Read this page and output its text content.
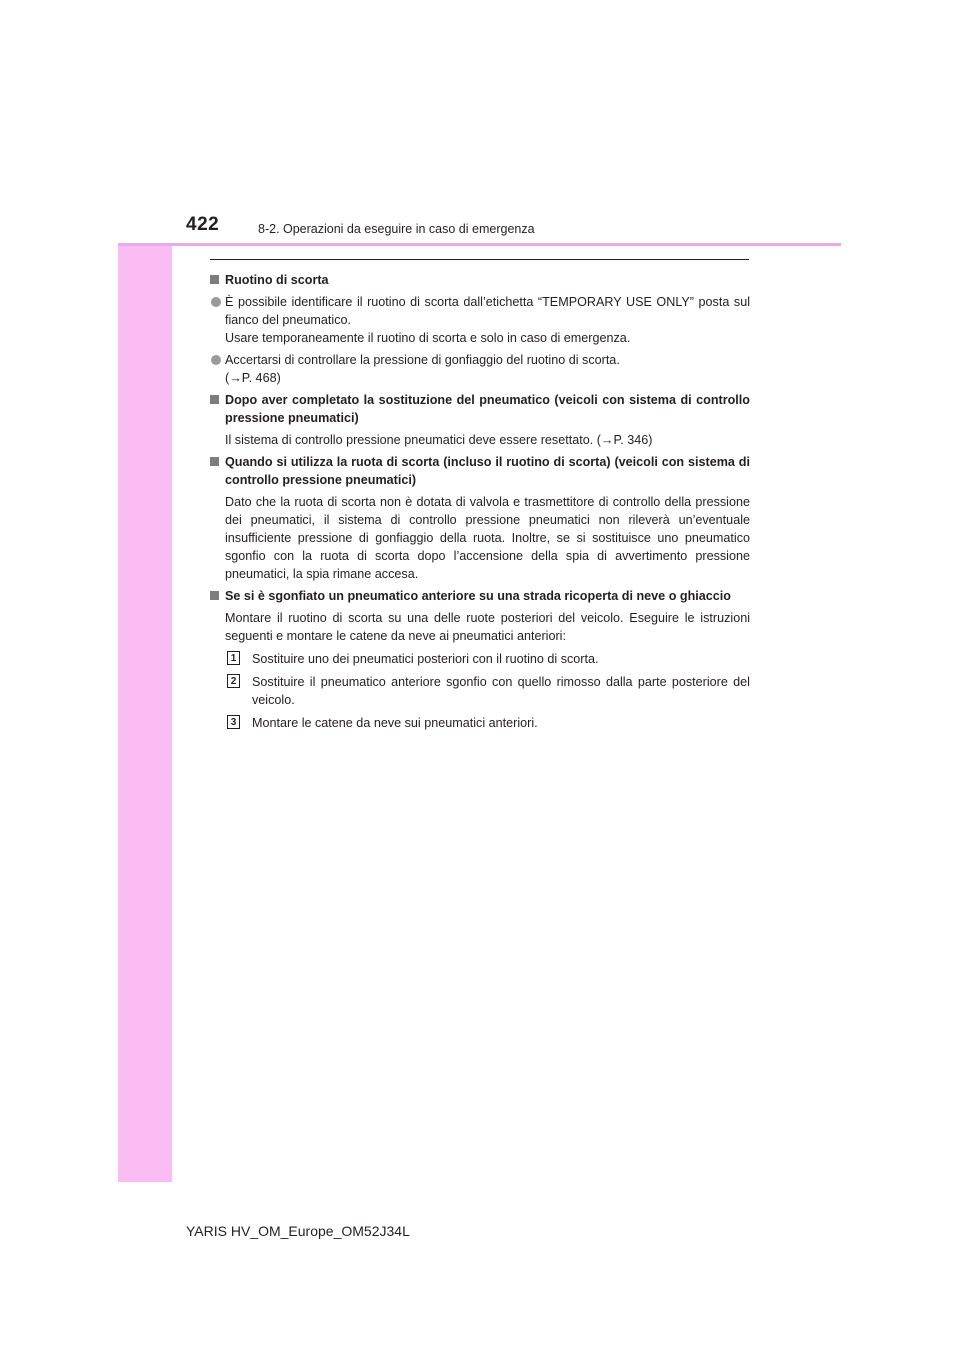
422	8-2. Operazioni da eseguire in caso di emergenza
Ruotino di scorta
È possibile identificare il ruotino di scorta dall’etichetta “TEMPORARY USE ONLY” posta sul fianco del pneumatico.
Usare temporaneamente il ruotino di scorta e solo in caso di emergenza.
Accertarsi di controllare la pressione di gonfiaggio del ruotino di scorta.
(→P. 468)
Dopo aver completato la sostituzione del pneumatico (veicoli con sistema di controllo pressione pneumatici)
Il sistema di controllo pressione pneumatici deve essere resettato. (→P. 346)
Quando si utilizza la ruota di scorta (incluso il ruotino di scorta) (veicoli con sistema di controllo pressione pneumatici)
Dato che la ruota di scorta non è dotata di valvola e trasmettitore di controllo della pressione dei pneumatici, il sistema di controllo pressione pneumatici non rileverà un’eventuale insufficiente pressione di gonfiaggio della ruota. Inoltre, se si sostituisce uno pneumatico sgonfio con la ruota di scorta dopo l’accensione della spia di avvertimento pressione pneumatici, la spia rimane accesa.
Se si è sgonfiato un pneumatico anteriore su una strada ricoperta di neve o ghiaccio
Montare il ruotino di scorta su una delle ruote posteriori del veicolo. Eseguire le istruzioni seguenti e montare le catene da neve ai pneumatici anteriori:
1 Sostituire uno dei pneumatici posteriori con il ruotino di scorta.
2 Sostituire il pneumatico anteriore sgonfio con quello rimosso dalla parte posteriore del veicolo.
3 Montare le catene da neve sui pneumatici anteriori.
YARIS HV_OM_Europe_OM52J34L
